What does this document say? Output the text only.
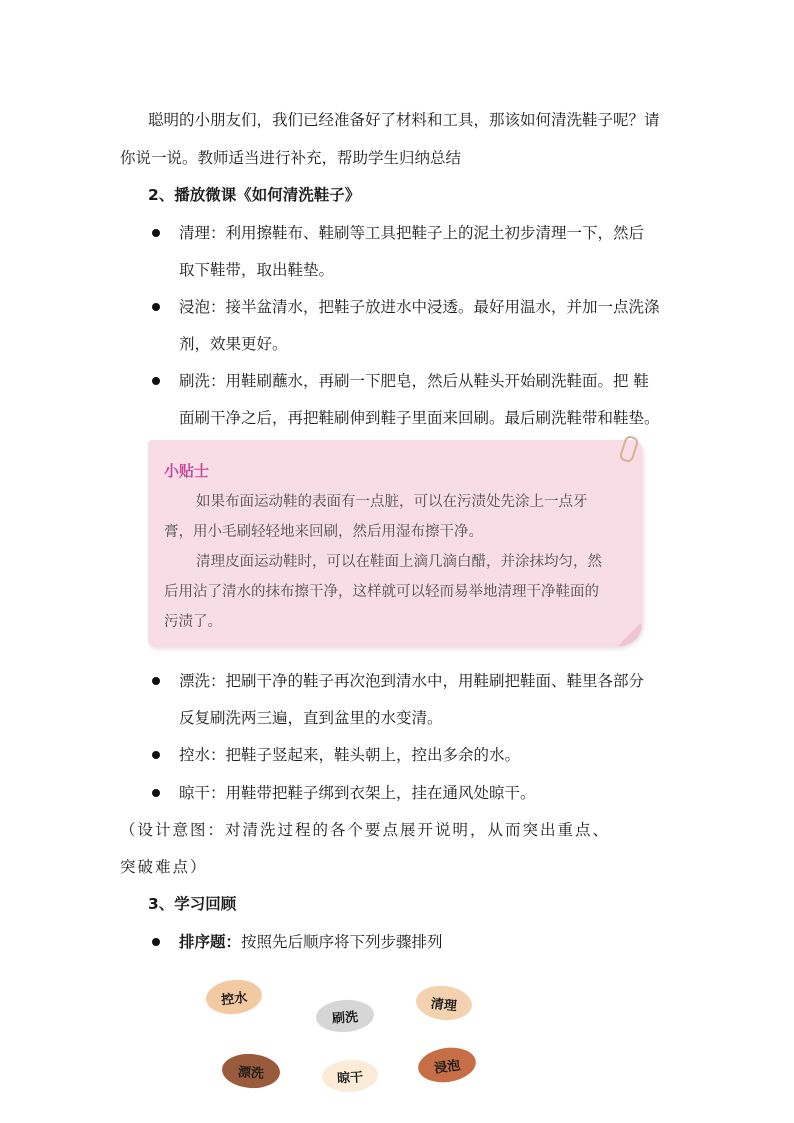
聪明的小朋友们，我们已经准备好了材料和工具，那该如何清洗鞋子呢？请
你说一说。教师适当进行补充，帮助学生归纳总结
2、播放微课《如何清洗鞋子》
清理：利用擦鞋布、鞋刷等工具把鞋子上的泥土初步清理一下，然后
取下鞋带，取出鞋垫。
浸泡：接半盆清水，把鞋子放进水中浸透。最好用温水，并加一点洗涤
剂，效果更好。
刷洗：用鞋刷蘸水，再刷一下肥皂，然后从鞋头开始刷洗鞋面。把 鞋
面刷干净之后，再把鞋刷伸到鞋子里面来回刷。最后刷洗鞋带和鞋垫。
小贴士
如果布面运动鞋的表面有一点脏，可以在污渍处先涂上一点牙
膏，用小毛刷轻轻地来回刷，然后用湿布擦干净。
清理皮面运动鞋时，可以在鞋面上滴几滴白醋，并涂抹均匀，然
后用沾了清水的抹布擦干净，这样就可以轻而易举地清理干净鞋面的
污渍了。
漂洗：把刷干净的鞋子再次泡到清水中，用鞋刷把鞋面、鞋里各部分
反复刷洗两三遍，直到盆里的水变清。
控水：把鞋子竖起来，鞋头朝上，控出多余的水。
晾干：用鞋带把鞋子绑到衣架上，挂在通风处晾干。
（设计意图：对清洗过程的各个要点展开说明，从而突出重点、
突破难点）
3、学习回顾
排序题：按照先后顺序将下列步骤排列
控水
刷洗
清理
漂洗	晾干
浸泡
